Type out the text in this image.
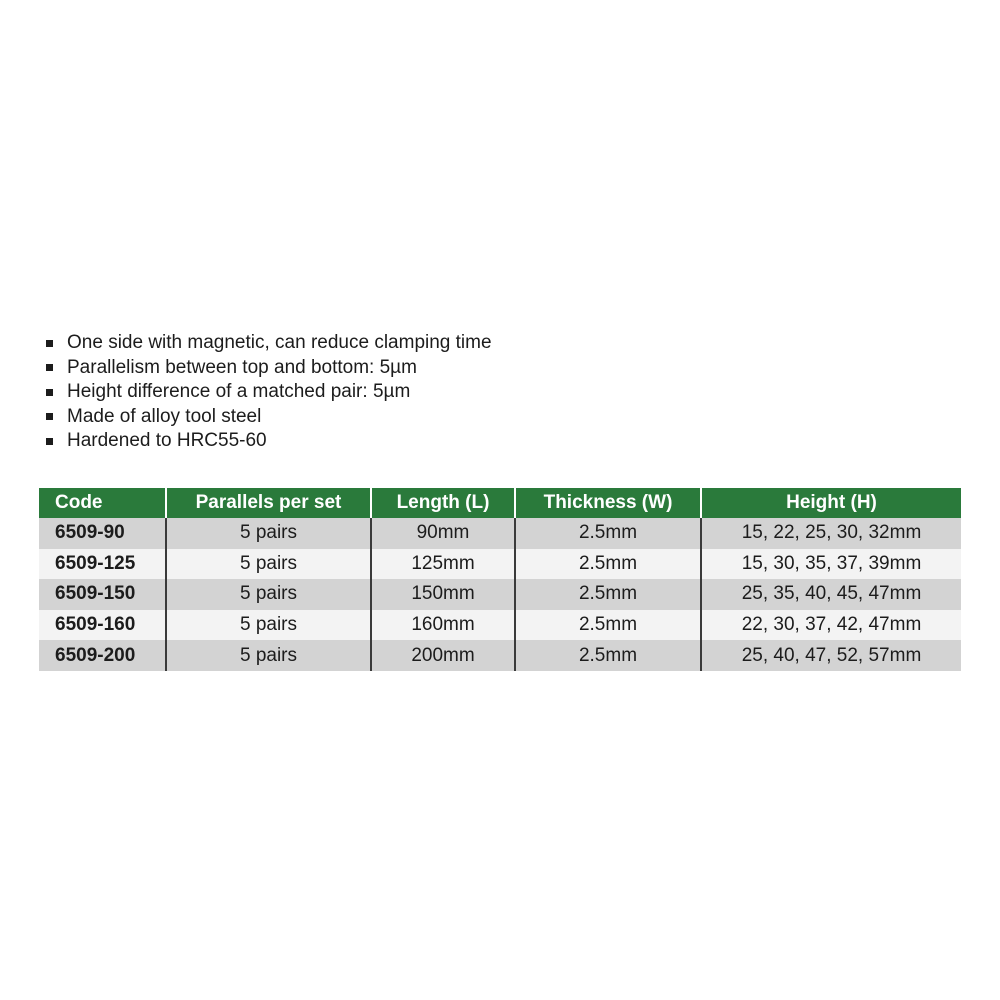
One side with magnetic, can reduce clamping time
Parallelism between top and bottom: 5µm
Height difference of a matched pair: 5µm
Made of alloy tool steel
Hardened to HRC55-60
Code	Parallels per set	Length (L)	Thickness (W)	Height (H)
6509-90	5 pairs	90mm	2.5mm	15, 22, 25, 30, 32mm
6509-125	5 pairs	125mm	2.5mm	15, 30, 35, 37, 39mm
6509-150	5 pairs	150mm	2.5mm	25, 35, 40, 45, 47mm
6509-160	5 pairs	160mm	2.5mm	22, 30, 37, 42, 47mm
6509-200	5 pairs	200mm	2.5mm	25, 40, 47, 52, 57mm
